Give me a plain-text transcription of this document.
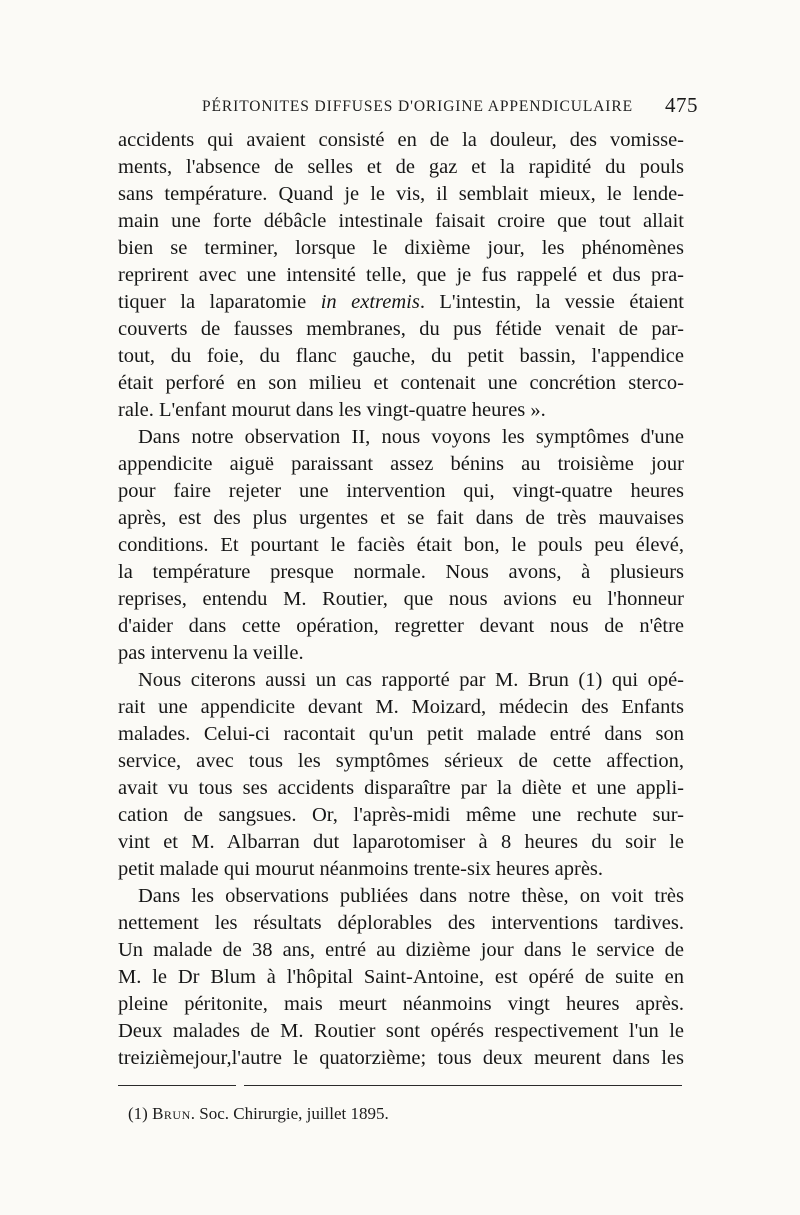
PÉRITONITES DIFFUSES D'ORIGINE APPENDICULAIRE 475
accidents qui avaient consisté en de la douleur, des vomisse-
ments, l'absence de selles et de gaz et la rapidité du pouls
sans température. Quand je le vis, il semblait mieux, le lende-
main une forte débâcle intestinale faisait croire que tout allait
bien se terminer, lorsque le dixième jour, les phénomènes
reprirent avec une intensité telle, que je fus rappelé et dus pra-
tiquer la laparatomie in extremis. L'intestin, la vessie étaient
couverts de fausses membranes, du pus fétide venait de par-
tout, du foie, du flanc gauche, du petit bassin, l'appendice
était perforé en son milieu et contenait une concrétion sterco-
rale. L'enfant mourut dans les vingt-quatre heures ».
Dans notre observation II, nous voyons les symptômes d'une
appendicite aiguë paraissant assez bénins au troisième jour
pour faire rejeter une intervention qui, vingt-quatre heures
après, est des plus urgentes et se fait dans de très mauvaises
conditions. Et pourtant le faciès était bon, le pouls peu élevé,
la température presque normale. Nous avons, à plusieurs
reprises, entendu M. Routier, que nous avions eu l'honneur
d'aider dans cette opération, regretter devant nous de n'être
pas intervenu la veille.
Nous citerons aussi un cas rapporté par M. Brun (1) qui opé-
rait une appendicite devant M. Moizard, médecin des Enfants
malades. Celui-ci racontait qu'un petit malade entré dans son
service, avec tous les symptômes sérieux de cette affection,
avait vu tous ses accidents disparaître par la diète et une appli-
cation de sangsues. Or, l'après-midi même une rechute sur-
vint et M. Albarran dut laparotomiser à 8 heures du soir le
petit malade qui mourut néanmoins trente-six heures après.
Dans les observations publiées dans notre thèse, on voit très
nettement les résultats déplorables des interventions tardives.
Un malade de 38 ans, entré au dizième jour dans le service de
M. le Dr Blum à l'hôpital Saint-Antoine, est opéré de suite en
pleine péritonite, mais meurt néanmoins vingt heures après.
Deux malades de M. Routier sont opérés respectivement l'un le
treizièmejour,l'autre le quatorzième; tous deux meurent dans les
(1) Brun. Soc. Chirurgie, juillet 1895.
